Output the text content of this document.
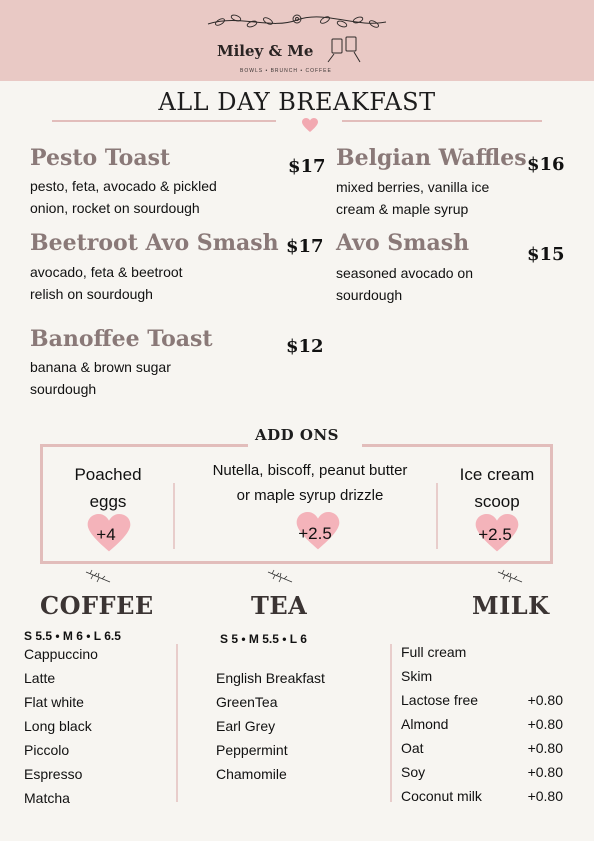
Miley & Me
BOWLS • BRUNCH • COFFEE
ALL DAY BREAKFAST
Pesto Toast	$17
pesto, feta, avocado & pickled
onion, rocket on sourdough
Belgian Waffles $16
mixed berries, vanilla ice
cream & maple syrup
Beetroot Avo Smash $17
avocado, feta & beetroot
relish on sourdough
Avo Smash	$15
seasoned avocado on
sourdough
Banoffee Toast	$12
banana & brown sugar
sourdough
ADD ONS
Poached
eggs
Nutella, biscoff, peanut butter
or maple syrup drizzle
Ice cream
scoop
+4	+2.5	+2.5
COFFEE
S 5.5 • M 6 • L 6.5
Cappuccino
Latte
Flat white
Long black
Piccolo
Espresso
Matcha
TEA
S 5 • M 5.5 • L 6
English Breakfast
GreenTea
Earl Grey
Peppermint
Chamomile
MILK
Full cream
Skim
Lactose free	+0.80
Almond	+0.80
Oat	+0.80
Soy	+0.80
Coconut milk	+0.80
